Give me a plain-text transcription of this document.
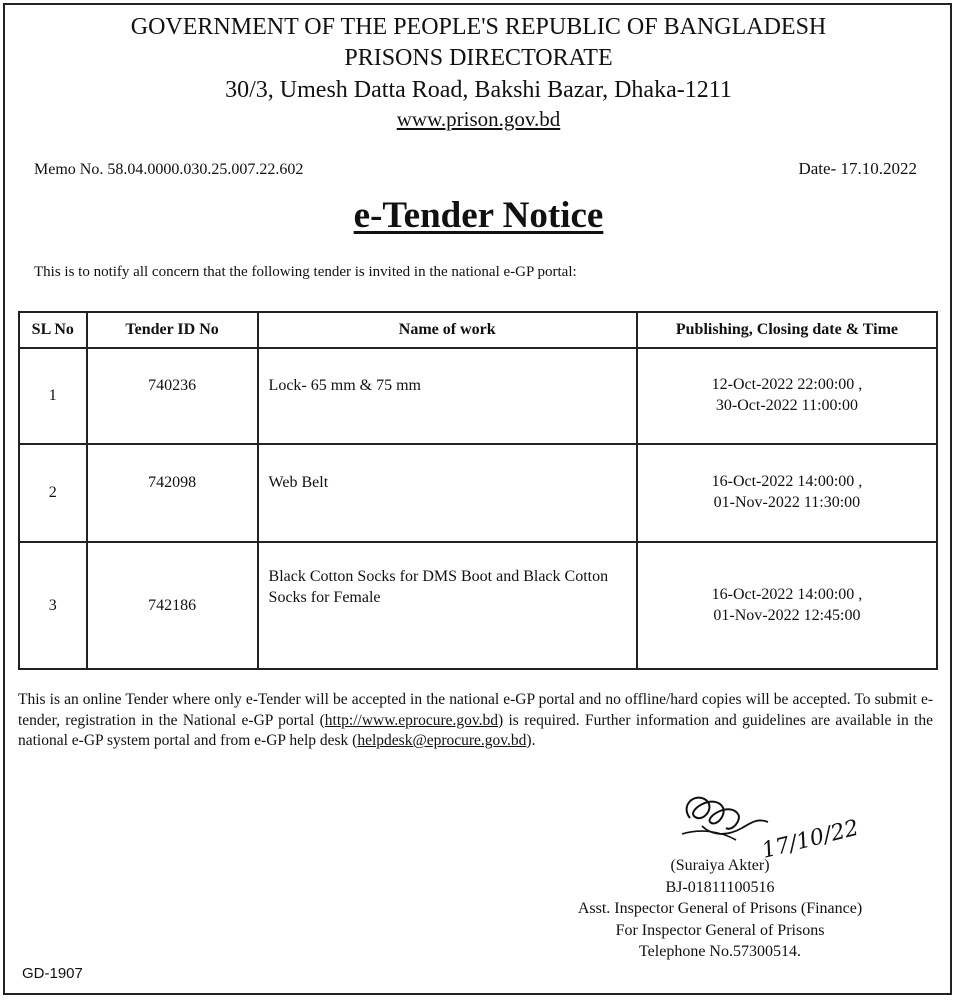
GOVERNMENT OF THE PEOPLE'S REPUBLIC OF BANGLADESH
PRISONS DIRECTORATE
30/3, Umesh Datta Road, Bakshi Bazar, Dhaka-1211
www.prison.gov.bd
Memo No. 58.04.0000.030.25.007.22.602	Date- 17.10.2022
e-Tender Notice
This is to notify all concern that the following tender is invited in the national e-GP portal:
SL No	Tender ID No	Name of work	Publishing, Closing date & Time
1	740236	Lock- 65 mm & 75 mm	12-Oct-2022 22:00:00 ,
30-Oct-2022 11:00:00

2	742098	Web Belt	16-Oct-2022 14:00:00 ,
01-Nov-2022 11:30:00

3	742186	Black Cotton Socks for DMS Boot and Black Cotton Socks for Female	16-Oct-2022 14:00:00 ,
01-Nov-2022 12:45:00
This is an online Tender where only e-Tender will be accepted in the national e-GP portal and no offline/hard copies will be accepted. To submit e-tender, registration in the National e-GP portal (http://www.eprocure.gov.bd) is required. Further information and guidelines are available in the national e-GP system portal and from e-GP help desk (helpdesk@eprocure.gov.bd).
17/10/22
(Suraiya Akter)
BJ-01811100516
Asst. Inspector General of Prisons (Finance)
For Inspector General of Prisons
Telephone No.57300514.
GD-1907
